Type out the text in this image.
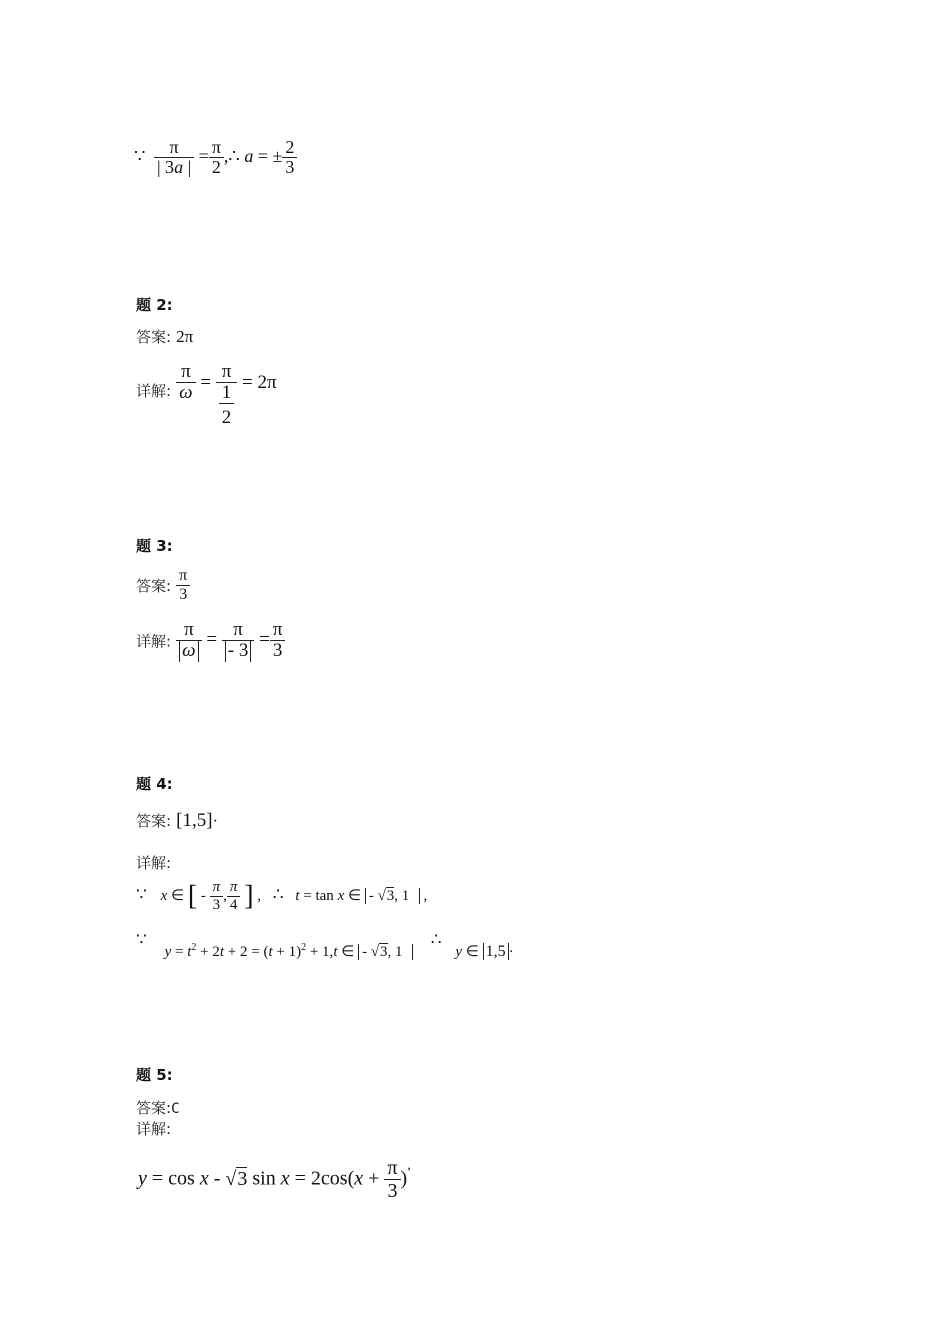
∵ $\frac{\pi}{| 3a |} = \frac{\pi}{2}$ ,∴ a = ± $\frac{2}{3}$
题 2:
答案: 2π
详解: $\frac{\pi}{\omega} = \frac{\pi}{\frac{1}{2}} = 2\pi$
题 3:
答案: $\frac{\pi}{3}$
详解: $\frac{\pi}{\omega} = \frac{\pi}{- 3} = \frac{\pi}{3}$
题 4:
答案: [1,5]·
详解:
∵ x ∈ [ - $\frac{\pi}{3}$ , $\frac{\pi}{4}$ ] , ∴ t = tan x ∈ - √3, 1 ,
∵ $y = t^2 + 2t + 2 = (t + 1)^2 + 1,t$ ∈ - √3, 1   ∴ y ∈ 1,5 ·
题 5:
答案:C
详解:
y = cos x - √3 $\sin x = 2\cos(x + \frac{\pi}{3} )^,$
